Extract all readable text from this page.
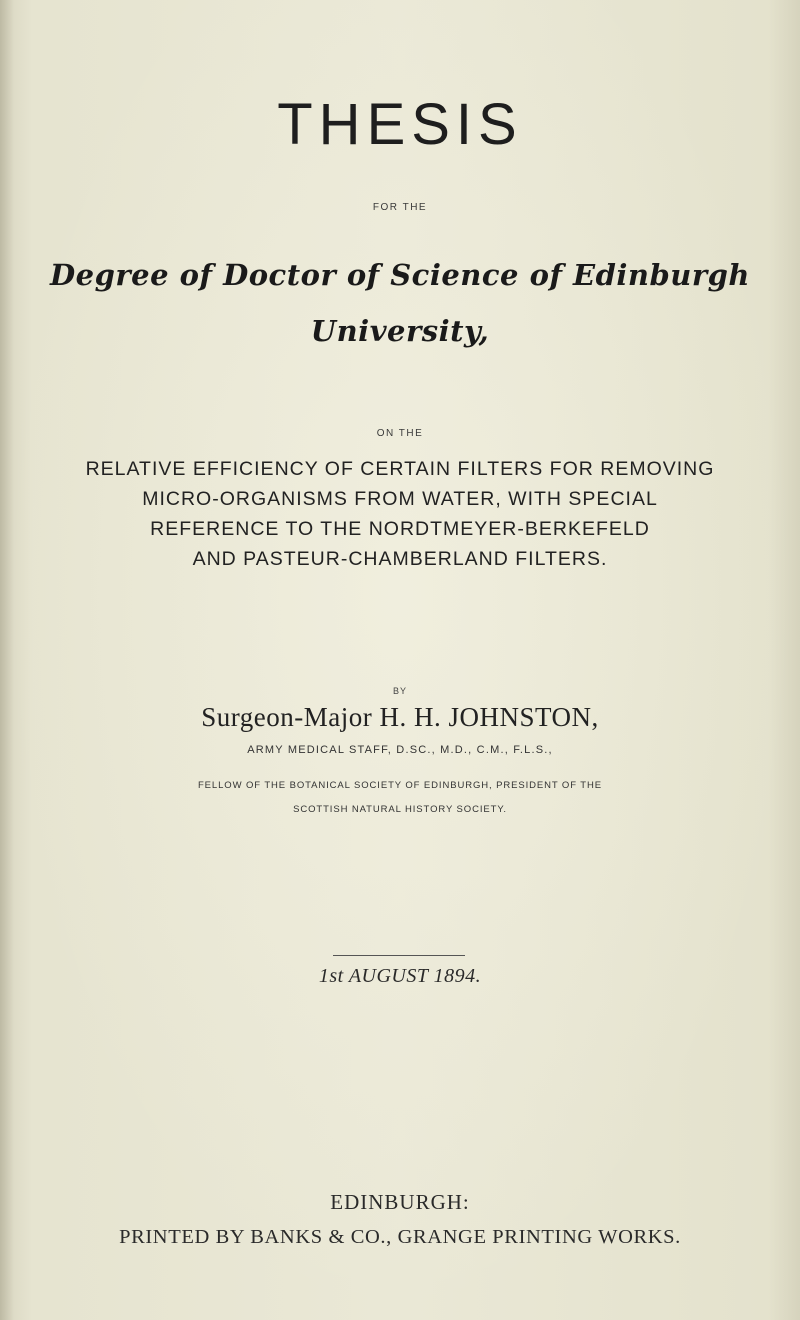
THESIS
FOR THE
Degree of Doctor of Science of Edinburgh
University,
ON THE
RELATIVE EFFICIENCY OF CERTAIN FILTERS FOR REMOVING
MICRO-ORGANISMS FROM WATER, WITH SPECIAL
REFERENCE TO THE NORDTMEYER-BERKEFELD
AND PASTEUR-CHAMBERLAND FILTERS.
BY
Surgeon-Major H. H. JOHNSTON,
ARMY MEDICAL STAFF, D.SC., M.D., C.M., F.L.S.,
FELLOW OF THE BOTANICAL SOCIETY OF EDINBURGH, PRESIDENT OF THE
SCOTTISH NATURAL HISTORY SOCIETY.
1st AUGUST 1894.
EDINBURGH:
PRINTED BY BANKS & CO., GRANGE PRINTING WORKS.
